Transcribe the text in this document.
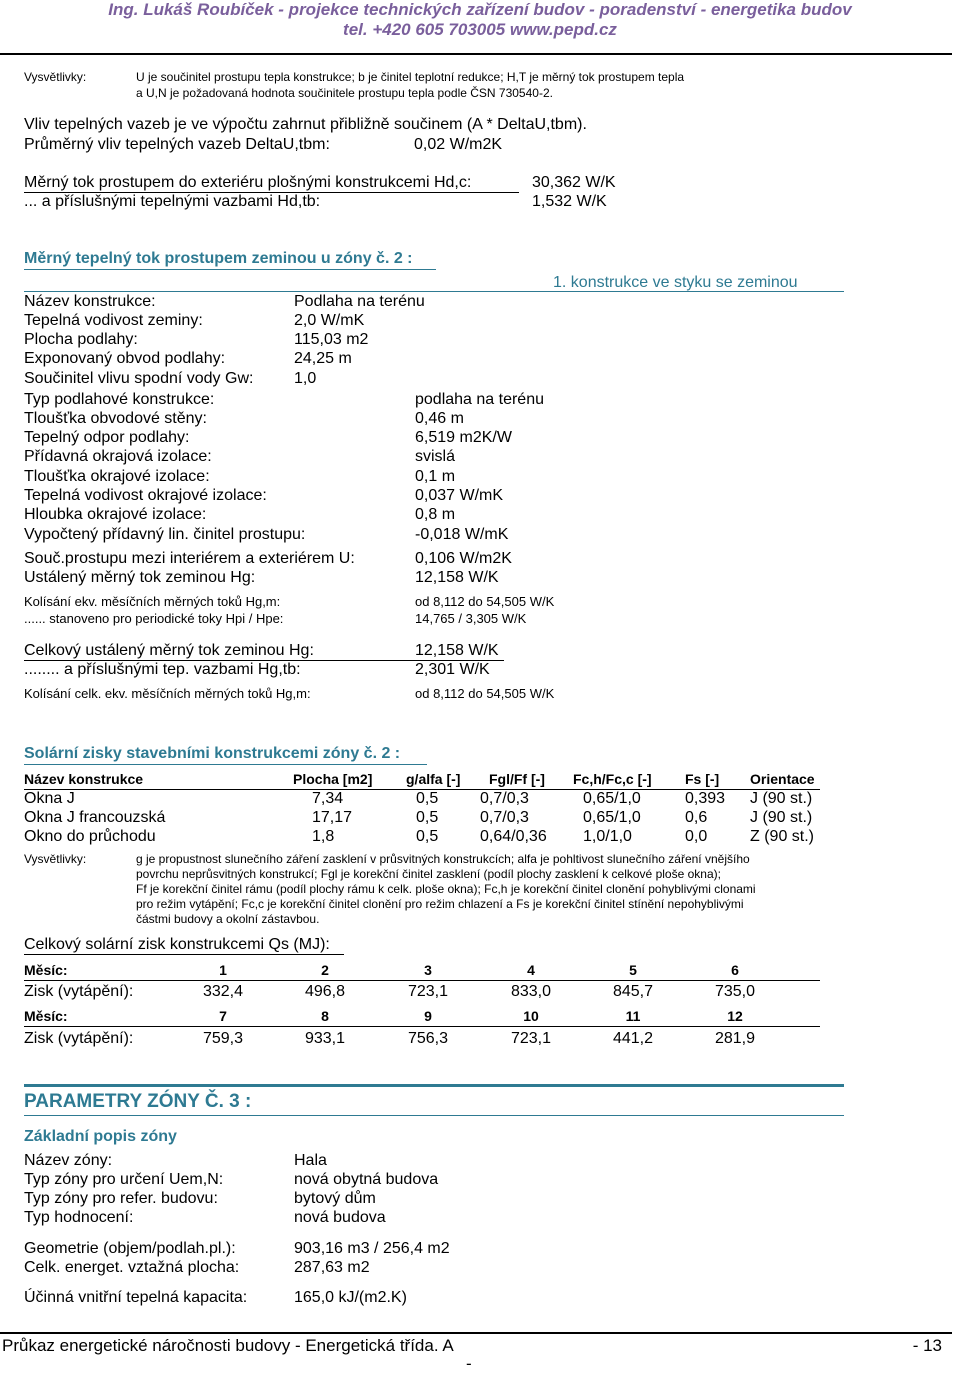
Ing. Lukáš Roubíček - projekce technických zařízení budov - poradenství - energetika budov
tel. +420 605 703005 www.pepd.cz
Vysvětlivky:	U je součinitel prostupu tepla konstrukce; b je činitel teplotní redukce; H,T je měrný tok prostupem tepla
a U,N je požadovaná hodnota součinitele prostupu tepla podle ČSN 730540-2.
Vliv tepelných vazeb je ve výpočtu zahrnut přibližně součinem (A * DeltaU,tbm).
Průměrný vliv tepelných vazeb DeltaU,tbm:	0,02 W/m2K
Měrný tok prostupem do exteriéru plošnými konstrukcemi Hd,c:	30,362 W/K
... a příslušnými tepelnými vazbami Hd,tb:	1,532 W/K
Měrný tepelný tok prostupem zeminou u zóny č. 2 :
1. konstrukce ve styku se zeminou
Název konstrukce:	Podlaha na terénu
Tepelná vodivost zeminy:	2,0 W/mK
Plocha podlahy:	115,03 m2
Exponovaný obvod podlahy:	24,25 m
Součinitel vlivu spodní vody Gw:	1,0
Typ podlahové konstrukce:	podlaha na terénu
Tloušťka obvodové stěny:	0,46 m
Tepelný odpor podlahy:	6,519 m2K/W
Přídavná okrajová izolace:	svislá
Tloušťka okrajové izolace:	0,1 m
Tepelná vodivost okrajové izolace:	0,037 W/mK
Hloubka okrajové izolace:	0,8 m
Vypočtený přídavný lin. činitel prostupu:	-0,018 W/mK
Souč.prostupu mezi interiérem a exteriérem U:	0,106 W/m2K
Ustálený měrný tok zeminou Hg:	12,158 W/K
Kolísání ekv. měsíčních měrných toků Hg,m:	od 8,112 do 54,505 W/K
...... stanoveno pro periodické toky Hpi / Hpe:	14,765 / 3,305 W/K
Celkový ustálený měrný tok zeminou Hg:	12,158 W/K
........ a příslušnými tep. vazbami Hg,tb:	2,301 W/K
Kolísání celk. ekv. měsíčních měrných toků Hg,m:	od 8,112 do 54,505 W/K
Solární zisky stavebními konstrukcemi zóny č. 2 :
Název konstrukce	Plocha [m2] g/alfa [-] Fgl/Ff [-] Fc,h/Fc,c [-] Fs [-] Orientace
Okna J	7,34	0,5	0,7/0,3	0,65/1,0	0,393 J (90 st.)
Okna J francouzská	17,17	0,5	0,7/0,3	0,65/1,0	0,6	J (90 st.)
Okno do průchodu	1,8	0,5	0,64/0,36 1,0/1,0	0,0	Z (90 st.)
Vysvětlivky:	g je propustnost slunečního záření zasklení v průsvitných konstrukcích; alfa je pohltivost slunečního záření vnějšího
povrchu neprůsvitných konstrukcí; Fgl je korekční činitel zasklení (podíl plochy zasklení k celkové ploše okna);
Ff je korekční činitel rámu (podíl plochy rámu k celk. ploše okna); Fc,h je korekční činitel clonění pohyblivými clonami
pro režim vytápění; Fc,c je korekční činitel clonění pro režim chlazení a Fs je korekční činitel stínění nepohyblivými
částmi budovy a okolní zástavbou.
Celkový solární zisk konstrukcemi Qs (MJ):
Měsíc:	1	2	3	4	5	6
Zisk (vytápění):	332,4	496,8	723,1	833,0	845,7	735,0
Měsíc:	7	8	9	10	11	12
Zisk (vytápění):	759,3	933,1	756,3	723,1	441,2	281,9
PARAMETRY ZÓNY Č. 3 :
Základní popis zóny
Název zóny:	Hala
Typ zóny pro určení Uem,N:	nová obytná budova
Typ zóny pro refer. budovu:	bytový dům
Typ hodnocení:	nová budova
Geometrie (objem/podlah.pl.):	903,16 m3 / 256,4 m2
Celk. energet. vztažná plocha:	287,63 m2
Účinná vnitřní tepelná kapacita:	165,0 kJ/(m2.K)
Průkaz energetické náročnosti budovy - Energetická třída. A
-
- 13
